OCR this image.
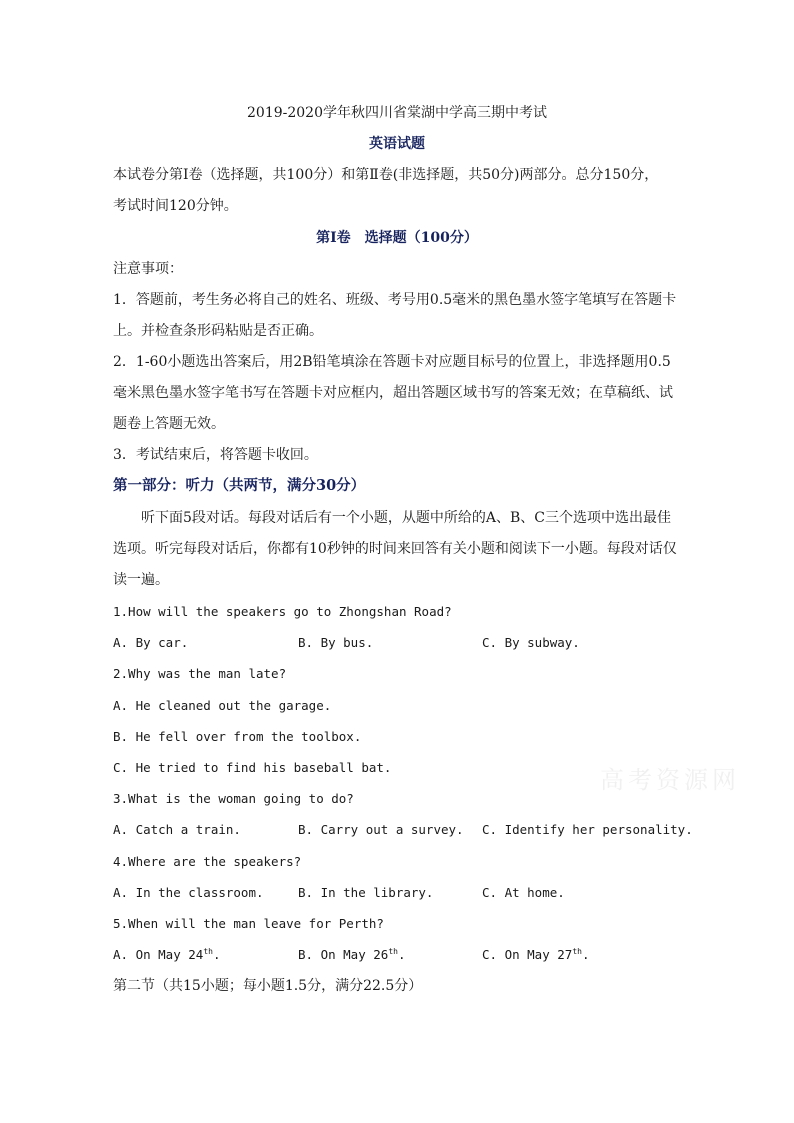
2019-2020学年秋四川省棠湖中学高三期中考试
英语试题
本试卷分第Ⅰ卷（选择题，共100分）和第Ⅱ卷(非选择题，共50分)两部分。总分150分，
考试时间120分钟。
第Ⅰ卷　选择题（100分）
注意事项：
1．答题前，考生务必将自己的姓名、班级、考号用0.5毫米的黑色墨水签字笔填写在答题卡
上。并检查条形码粘贴是否正确。
2．1-60小题选出答案后，用2B铅笔填涂在答题卡对应题目标号的位置上，非选择题用0.5
毫米黑色墨水签字笔书写在答题卡对应框内，超出答题区域书写的答案无效；在草稿纸、试
题卷上答题无效。
3．考试结束后，将答题卡收回。
第一部分：听力（共两节，满分30分）
听下面5段对话。每段对话后有一个小题，从题中所给的A、B、C三个选项中选出最佳
选项。听完每段对话后，你都有10秒钟的时间来回答有关小题和阅读下一小题。每段对话仅
读一遍。
1.How will the speakers go to Zhongshan Road?
A. By car.	B. By bus.	C. By subway.
2.Why was the man late?
A. He cleaned out the garage.
B. He fell over from the toolbox.
C. He tried to find his baseball bat.
3.What is the woman going to do?
A. Catch a train.	B. Carry out a survey. C. Identify her personality.
4.Where are the speakers?
A. In the classroom.	B. In the library.	C. At home.
5.When will the man leave for Perth?
A. On May 24th.	B. On May 26th.	C. On May 27th.
第二节（共15小题；每小题1.5分，满分22.5分）
高考资源网
